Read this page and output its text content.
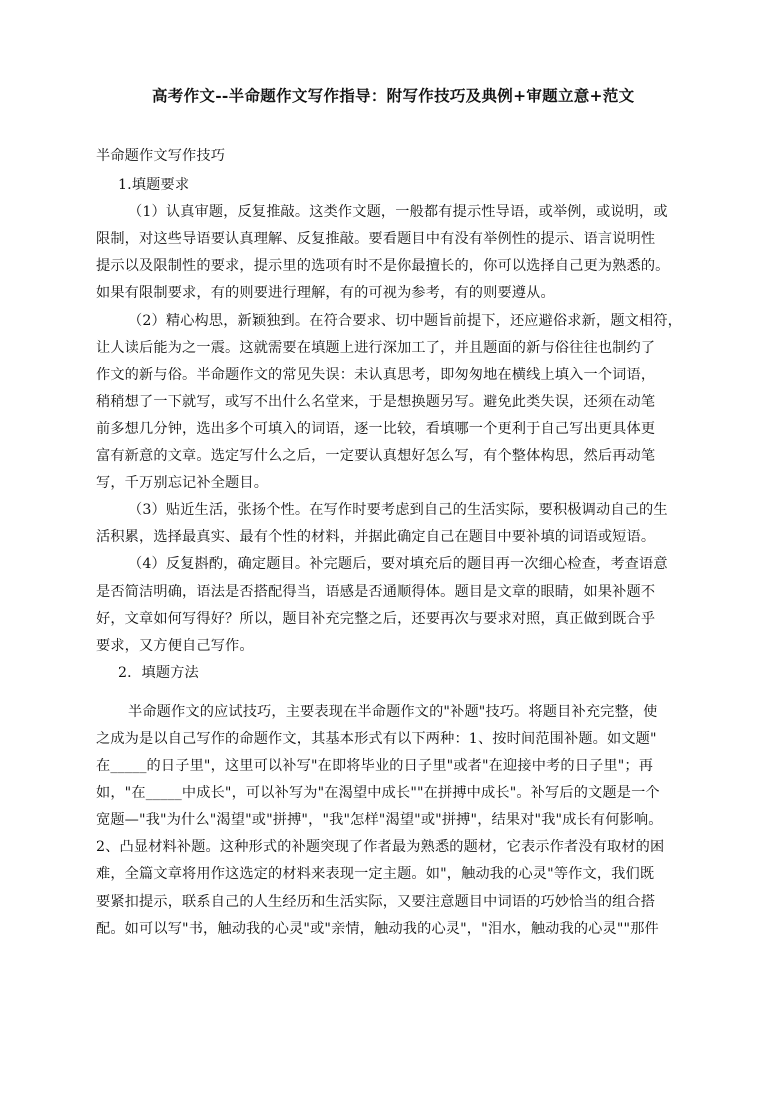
高考作文--半命题作文写作指导：附写作技巧及典例+审题立意+范文
半命题作文写作技巧
1.填题要求
（1）认真审题，反复推敲。这类作文题，一般都有提示性导语，或举例，或说明，或
限制，对这些导语要认真理解、反复推敲。要看题目中有没有举例性的提示、语言说明性
提示以及限制性的要求，提示里的选项有时不是你最擅长的，你可以选择自己更为熟悉的。
如果有限制要求，有的则要进行理解，有的可视为参考，有的则要遵从。
（2）精心构思，新颖独到。在符合要求、切中题旨前提下，还应避俗求新，题文相符，
让人读后能为之一震。这就需要在填题上进行深加工了，并且题面的新与俗往往也制约了
作文的新与俗。半命题作文的常见失误：未认真思考，即匆匆地在横线上填入一个词语，
稍稍想了一下就写，或写不出什么名堂来，于是想换题另写。避免此类失误，还须在动笔
前多想几分钟，选出多个可填入的词语，逐一比较，看填哪一个更利于自己写出更具体更
富有新意的文章。选定写什么之后，一定要认真想好怎么写，有个整体构思，然后再动笔
写，千万别忘记补全题目。
（3）贴近生活，张扬个性。在写作时要考虑到自己的生活实际，要积极调动自己的生
活积累，选择最真实、最有个性的材料，并据此确定自己在题目中要补填的词语或短语。
（4）反复斟酌，确定题目。补完题后，要对填充后的题目再一次细心检查，考查语意
是否简洁明确，语法是否搭配得当，语感是否通顺得体。题目是文章的眼睛，如果补题不
好，文章如何写得好？所以，题目补充完整之后，还要再次与要求对照，真正做到既合乎
要求，又方便自己写作。
2．填题方法
半命题作文的应试技巧，主要表现在半命题作文的"补题"技巧。将题目补充完整，使
之成为是以自己写作的命题作文，其基本形式有以下两种：1、按时间范围补题。如文题"
在_____的日子里"，这里可以补写"在即将毕业的日子里"或者"在迎接中考的日子里"；再
如，"在_____中成长"，可以补写为"在渴望中成长""在拼搏中成长"。补写后的文题是一个
宽题—"我"为什么"渴望"或"拼搏"，"我"怎样"渴望"或"拼搏"，结果对"我"成长有何影响。
2、凸显材料补题。这种形式的补题突现了作者最为熟悉的题材，它表示作者没有取材的困
难，全篇文章将用作这选定的材料来表现一定主题。如"，触动我的心灵"等作文，我们既
要紧扣提示，联系自己的人生经历和生活实际，又要注意题目中词语的巧妙恰当的组合搭
配。如可以写"书，触动我的心灵"或"亲情，触动我的心灵"，"泪水，触动我的心灵""那件
